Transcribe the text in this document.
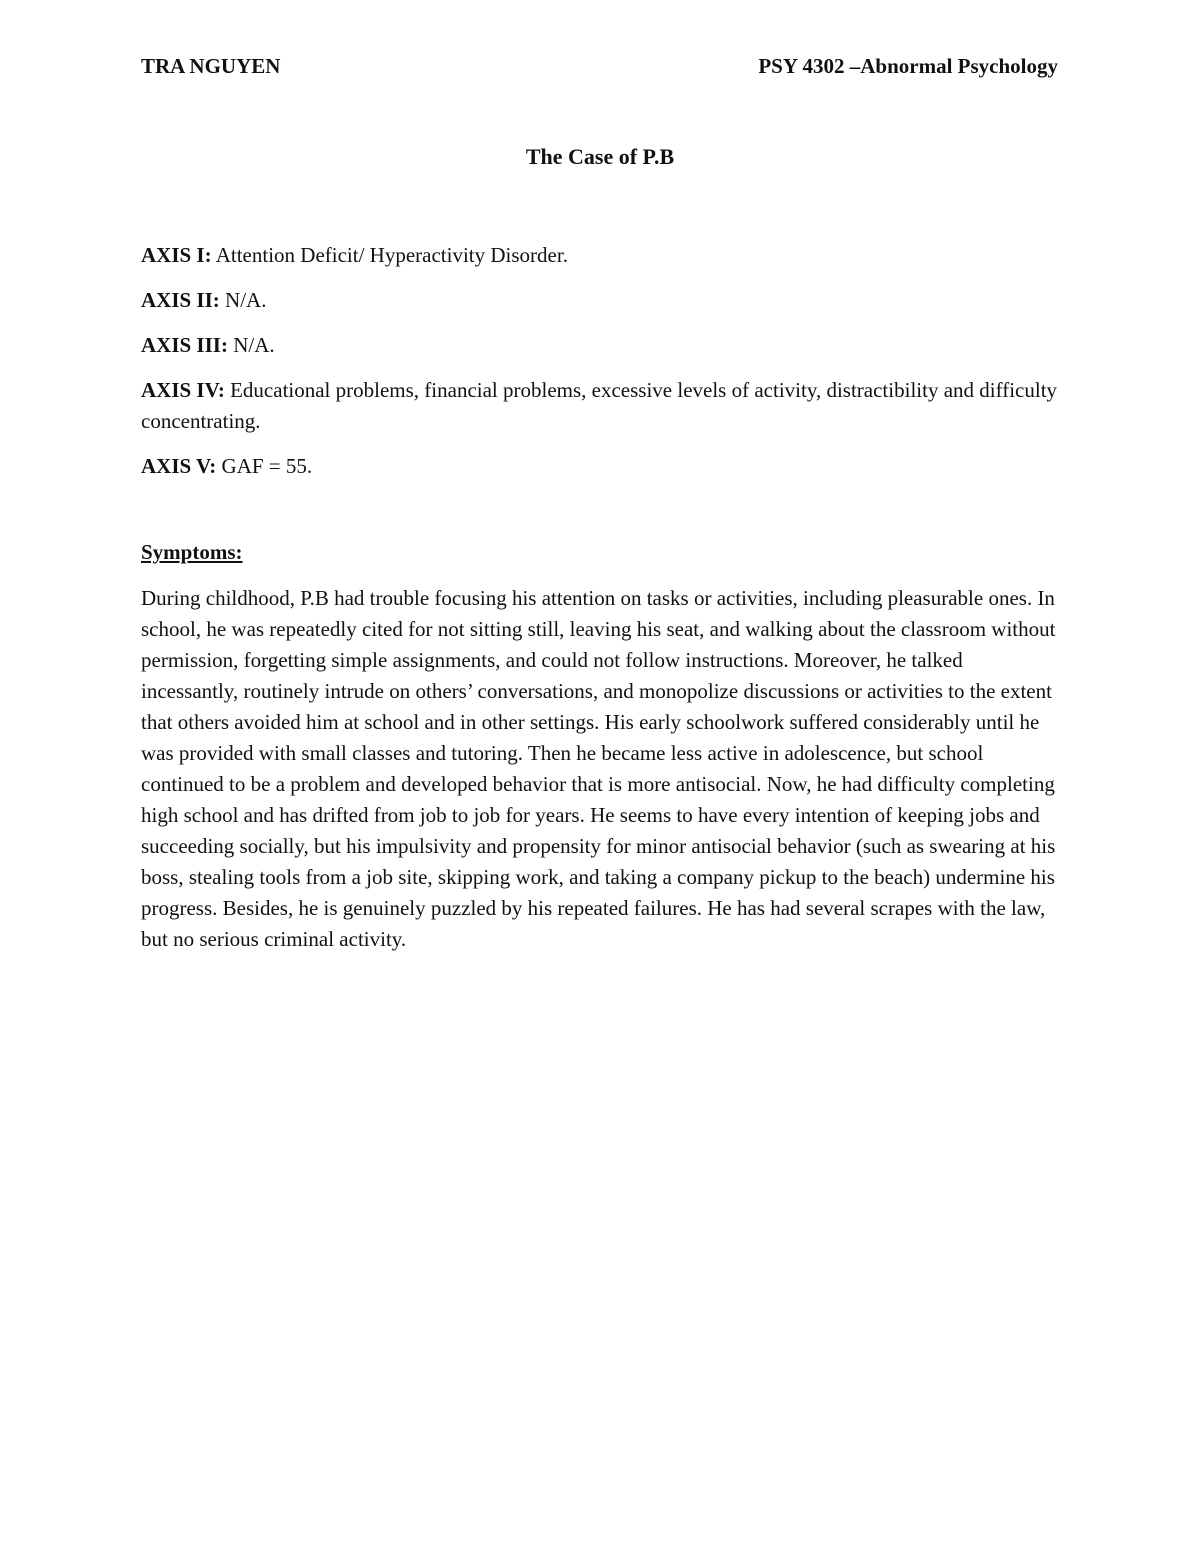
TRA NGUYEN	PSY 4302 –Abnormal Psychology
The Case of P.B

AXIS I: Attention Deficit/ Hyperactivity Disorder.

AXIS II: N/A.

AXIS III: N/A.

AXIS IV: Educational problems, financial problems, excessive levels of activity, distractibility and difficulty concentrating.

AXIS V: GAF = 55.

Symptoms:

During childhood, P.B had trouble focusing his attention on tasks or activities, including pleasurable ones. In school, he was repeatedly cited for not sitting still, leaving his seat, and walking about the classroom without permission, forgetting simple assignments, and could not follow instructions. Moreover, he talked incessantly, routinely intrude on others’ conversations, and monopolize discussions or activities to the extent that others avoided him at school and in other settings. His early schoolwork suffered considerably until he was provided with small classes and tutoring. Then he became less active in adolescence, but school continued to be a problem and developed behavior that is more antisocial. Now, he had difficulty completing high school and has drifted from job to job for years. He seems to have every intention of keeping jobs and succeeding socially, but his impulsivity and propensity for minor antisocial behavior (such as swearing at his boss, stealing tools from a job site, skipping work, and taking a company pickup to the beach) undermine his progress. Besides, he is genuinely puzzled by his repeated failures. He has had several scrapes with the law, but no serious criminal activity.
